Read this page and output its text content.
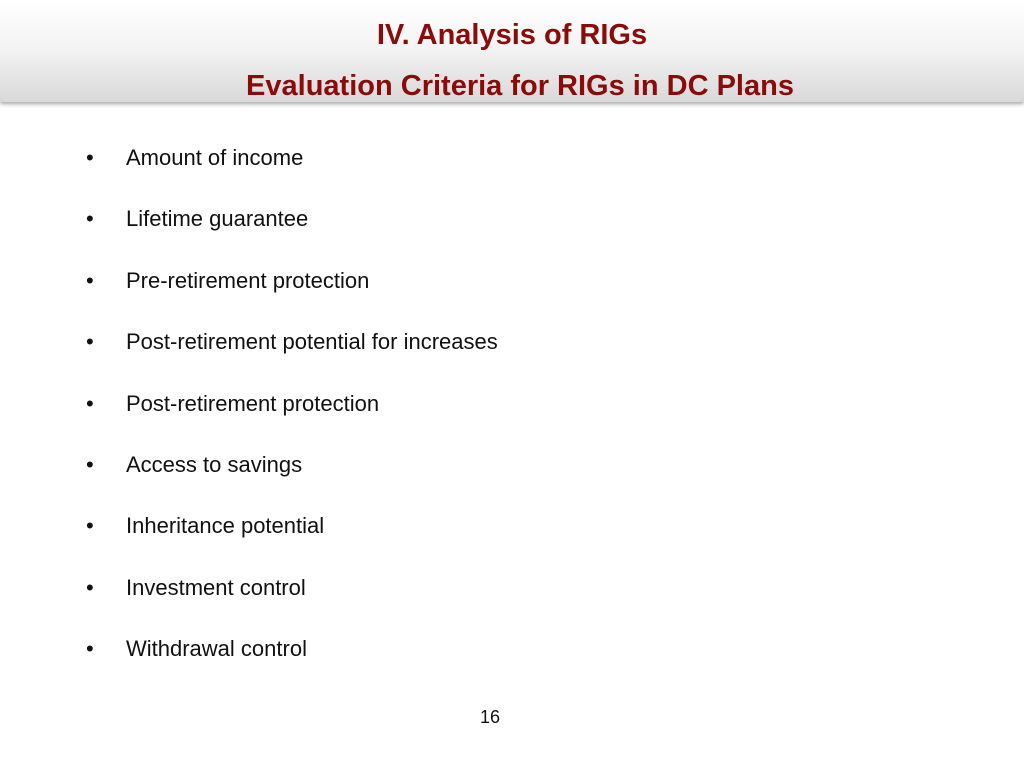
IV. Analysis of RIGs
Evaluation Criteria for RIGs in DC Plans
• Amount of income
• Lifetime guarantee
• Pre-retirement protection
• Post-retirement potential for increases
• Post-retirement protection
• Access to savings
• Inheritance potential
• Investment control
• Withdrawal control
16
